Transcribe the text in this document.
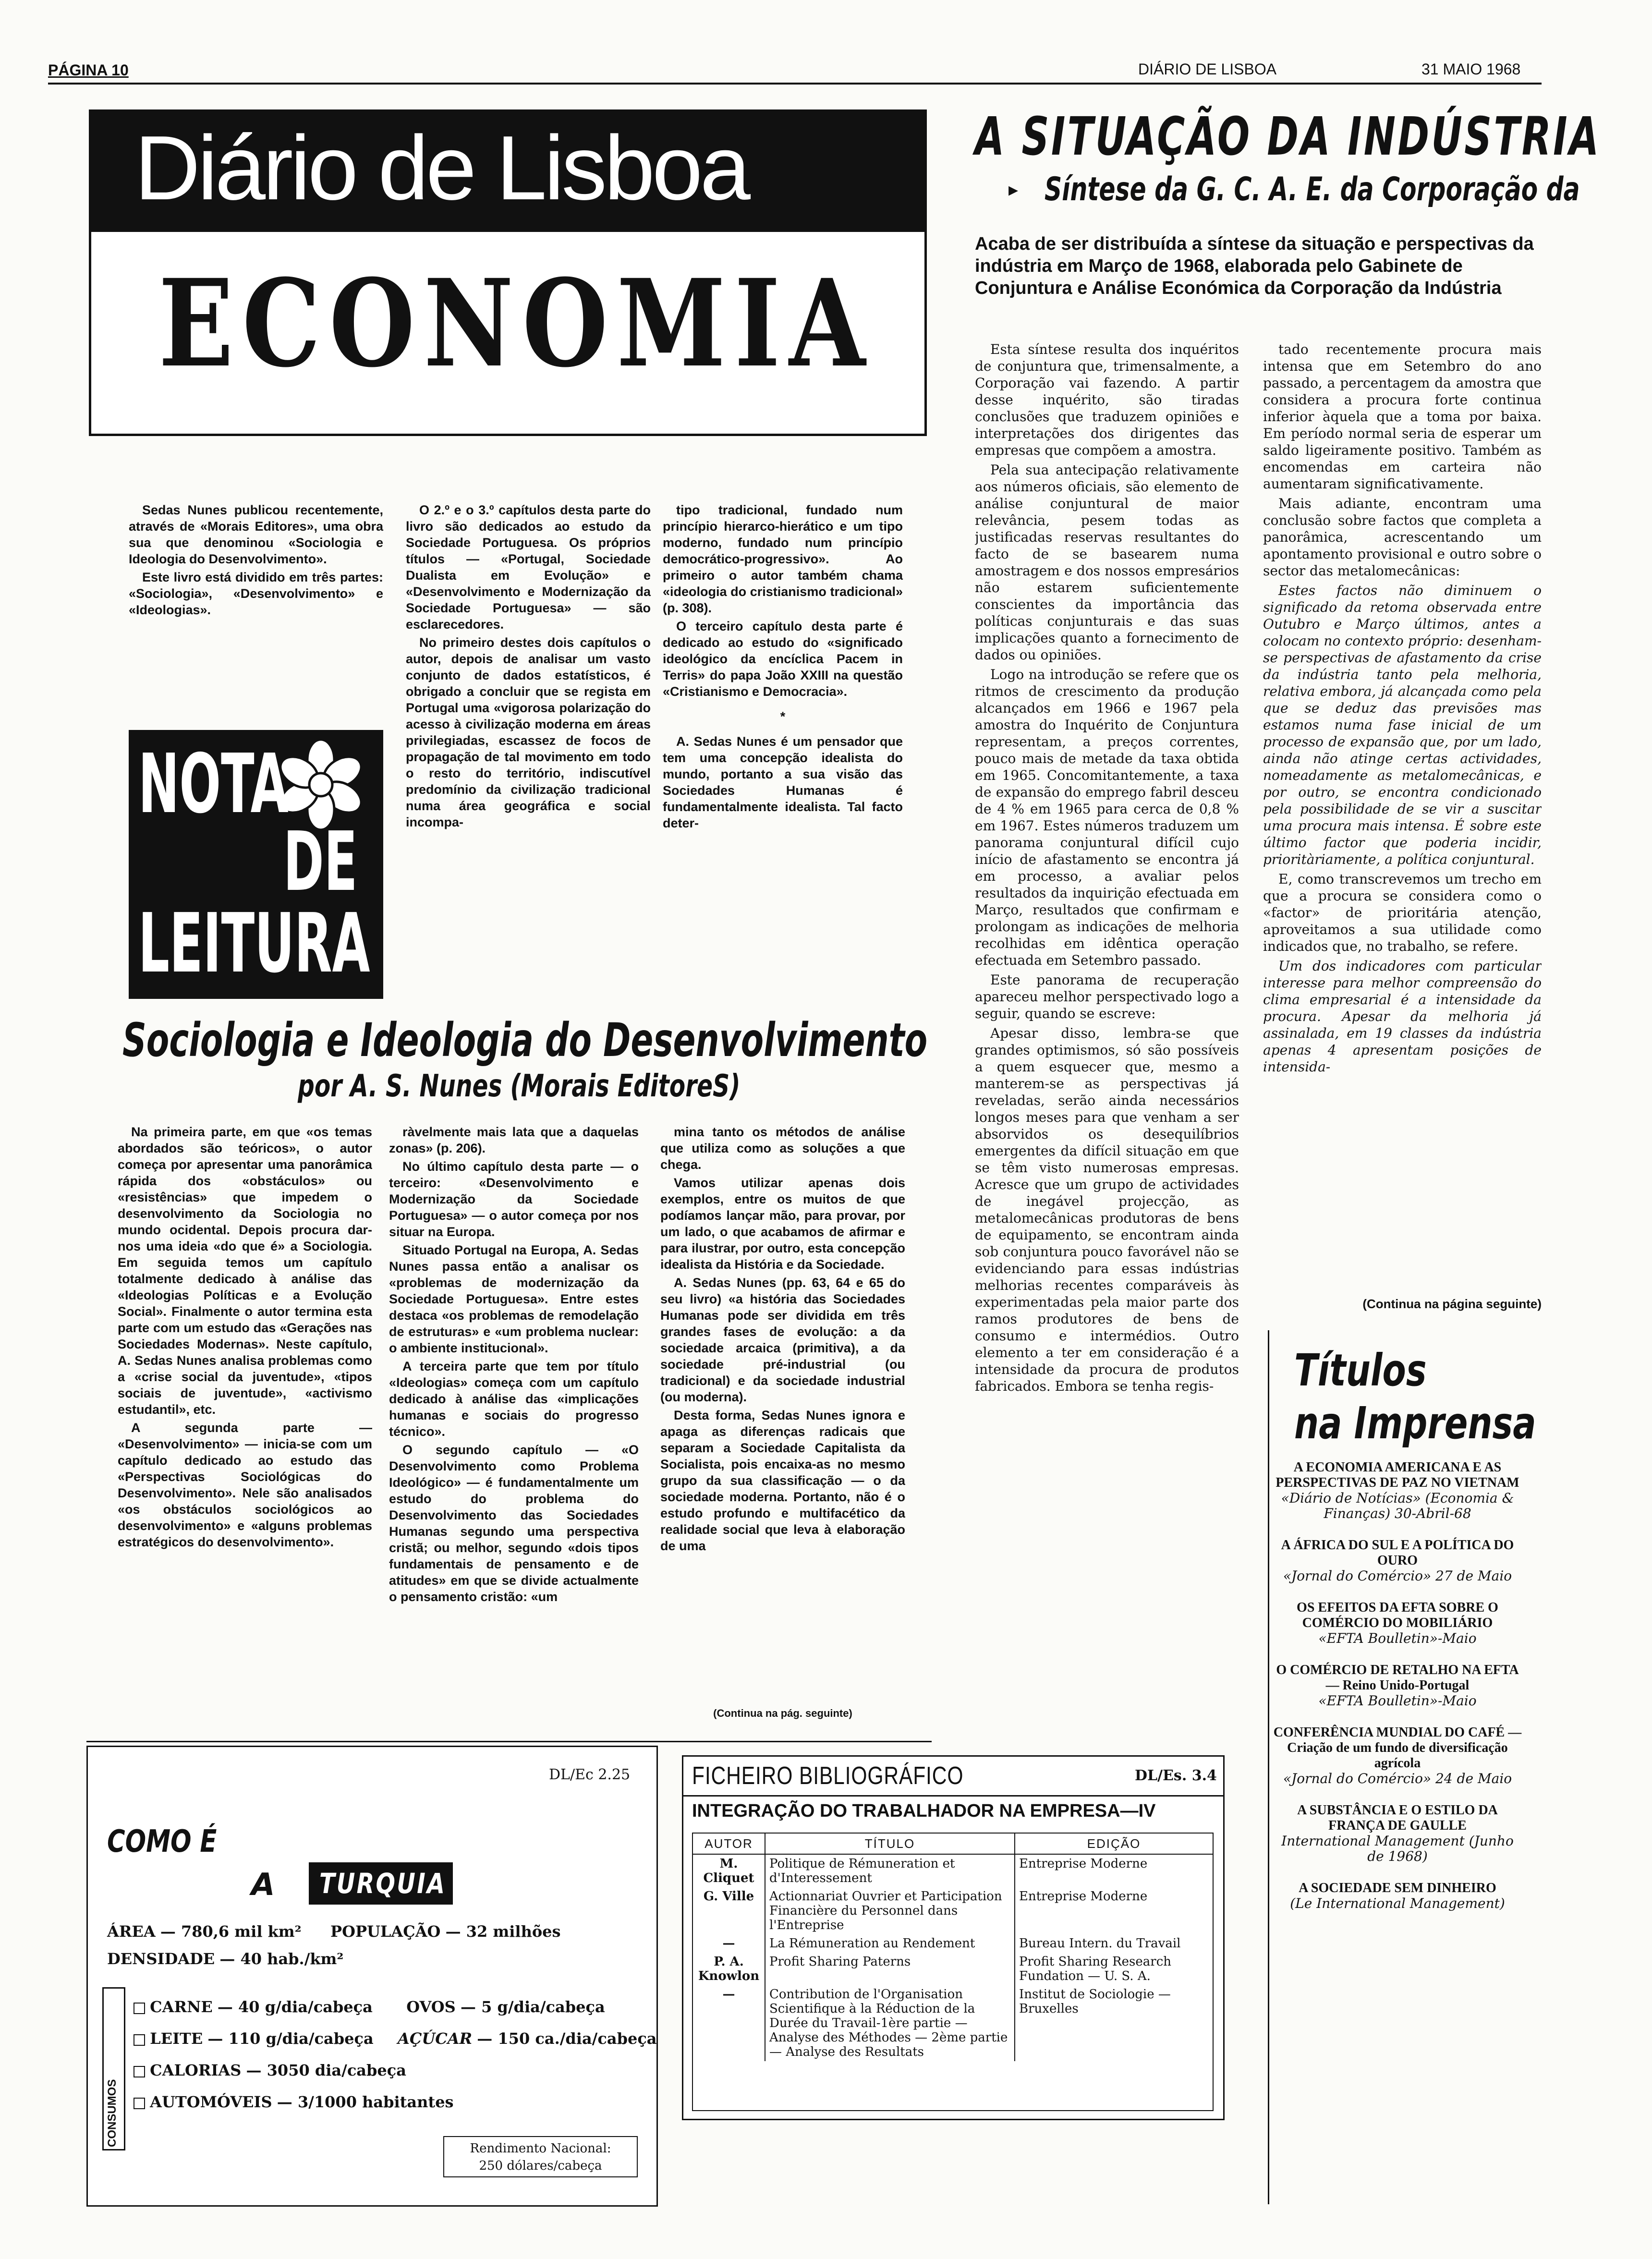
PÁGINA 10	DIÁRIO DE LISBOA	31 MAIO 1968
Diário de Lisboa
ECONOMIA
A SITUAÇÃO DA INDÚSTRIA
▸ Síntese da G. C. A. E. da Corporação da
Acaba de ser distribuída a síntese da situação e perspectivas da indústria em Março de 1968, elaborada pelo Gabinete de Conjuntura e Análise Económica da Corporação da Indústria

Esta síntese resulta dos inquéritos de conjuntura que, trimensalmente, a Corporação vai fazendo. A partir desse inquérito, são tiradas conclusões que traduzem opiniões e interpretações dos dirigentes das empresas que compõem a amostra.

Pela sua antecipação relativamente aos números oficiais, são elemento de análise conjuntural de maior relevância, pesem todas as justificadas reservas resultantes do facto de se basearem numa amostragem e dos nossos empresários não estarem suficientemente conscientes da importância das políticas conjunturais e das suas implicações quanto a fornecimento de dados ou opiniões.

Logo na introdução se refere que os ritmos de crescimento da produção alcançados em 1966 e 1967 pela amostra do Inquérito de Conjuntura representam, a preços correntes, pouco mais de metade da taxa obtida em 1965. Concomitantemente, a taxa de expansão do emprego fabril desceu de 4 % em 1965 para cerca de 0,8 % em 1967. Estes números traduzem um panorama conjuntural difícil cujo início de afastamento se encontra já em processo, a avaliar pelos resultados da inquirição efectuada em Março, resultados que confirmam e prolongam as indicações de melhoria recolhidas em idêntica operação efectuada em Setembro passado.

Este panorama de recuperação apareceu melhor perspectivado logo a seguir, quando se escreve:

Apesar disso, lembra-se que grandes optimismos, só são possíveis a quem esquecer que, mesmo a manterem-se as perspectivas já reveladas, serão ainda necessários longos meses para que venham a ser absorvidos os desequilíbrios emergentes da difícil situação em que se têm visto numerosas empresas. Acresce que um grupo de actividades de inegável projecção, as metalomecânicas produtoras de bens de equipamento, se encontram ainda sob conjuntura pouco favorável não se evidenciando para essas indústrias melhorias recentes comparáveis às experimentadas pela maior parte dos ramos produtores de bens de consumo e intermédios. Outro elemento a ter em consideração é a intensidade da procura de produtos fabricados. Embora se tenha regis-

tado recentemente procura mais intensa que em Setembro do ano passado, a percentagem da amostra que considera a procura forte continua inferior àquela que a toma por baixa. Em período normal seria de esperar um saldo ligeiramente positivo. Também as encomendas em carteira não aumentaram significativamente.

Mais adiante, encontram uma conclusão sobre factos que completa a panorâmica, acrescentando um apontamento provisional e outro sobre o sector das metalomecânicas:

Estes factos não diminuem o significado da retoma observada entre Outubro e Março últimos, antes a colocam no contexto próprio: desenham-se perspectivas de afastamento da crise da indústria tanto pela melhoria, relativa embora, já alcançada como pela que se deduz das previsões mas estamos numa fase inicial de um processo de expansão que, por um lado, ainda não atinge certas actividades, nomeadamente as metalomecânicas, e por outro, se encontra condicionado pela possibilidade de se vir a suscitar uma procura mais intensa. É sobre este último factor que poderia incidir, prioritàriamente, a política conjuntural.

E, como transcrevemos um trecho em que a procura se considera como o «factor» de prioritária atenção, aproveitamos a sua utilidade como indicados que, no trabalho, se refere.

Um dos indicadores com particular interesse para melhor compreensão do clima empresarial é a intensidade da procura. Apesar da melhoria já assinalada, em 19 classes da indústria apenas 4 apresentam posições de intensida-

(Continua na página seguinte)
Títulos
na Imprensa
A ECONOMIA AMERICANA E AS PERSPECTIVAS DE PAZ NO VIETNAM
«Diário de Notícias» (Economia & Finanças) 30-Abril-68
A ÁFRICA DO SUL E A POLÍTICA DO OURO
«Jornal do Comércio» 27 de Maio
OS EFEITOS DA EFTA SOBRE O COMÉRCIO DO MOBILIÁRIO
«EFTA Boulletin»-Maio
O COMÉRCIO DE RETALHO NA EFTA — Reino Unido-Portugal
«EFTA Boulletin»-Maio
CONFERÊNCIA MUNDIAL DO CAFÉ — Criação de um fundo de diversificação agrícola
«Jornal do Comércio» 24 de Maio
A SUBSTÂNCIA E O ESTILO DA FRANÇA DE GAULLE
International Management (Junho de 1968)
A SOCIEDADE SEM DINHEIRO
(Le International Management)
NOTA
DE
LEITURA

Sedas Nunes publicou recentemente, através de «Morais Editores», uma obra sua que denominou «Sociologia e Ideologia do Desenvolvimento».

Este livro está dividido em três partes: «Sociologia», «Desenvolvimento» e «Ideologias».

O 2.º e o 3.º capítulos desta parte do livro são dedicados ao estudo da Sociedade Portuguesa. Os próprios títulos — «Portugal, Sociedade Dualista em Evolução» e «Desenvolvimento e Modernização da Sociedade Portuguesa» — são esclarecedores.

No primeiro destes dois capítulos o autor, depois de analisar um vasto conjunto de dados estatísticos, é obrigado a concluir que se regista em Portugal uma «vigorosa polarização do acesso à civilização moderna em áreas privilegiadas, escassez de focos de propagação de tal movimento em todo o resto do território, indiscutível predomínio da civilização tradicional numa área geográfica e social incompa-

tipo tradicional, fundado num princípio hierarco-hierático e um tipo moderno, fundado num princípio democrático-progressivo». Ao primeiro o autor também chama «ideologia do cristianismo tradicional» (p. 308).

O terceiro capítulo desta parte é dedicado ao estudo do «significado ideológico da encíclica Pacem in Terris» do papa João XXIII na questão «Cristianismo e Democracia».

*

A. Sedas Nunes é um pensador que tem uma concepção idealista do mundo, portanto a sua visão das Sociedades Humanas é fundamentalmente idealista. Tal facto deter-

Sociologia e Ideologia do Desenvolvimento
por A. S. Nunes (Morais EditoreS)

Na primeira parte, em que «os temas abordados são teóricos», o autor começa por apresentar uma panorâmica rápida dos «obstáculos» ou «resistências» que impedem o desenvolvimento da Sociologia no mundo ocidental. Depois procura dar-nos uma ideia «do que é» a Sociologia. Em seguida temos um capítulo totalmente dedicado à análise das «Ideologias Políticas e a Evolução Social». Finalmente o autor termina esta parte com um estudo das «Gerações nas Sociedades Modernas». Neste capítulo, A. Sedas Nunes analisa problemas como a «crise social da juventude», «tipos sociais de juventude», «activismo estudantil», etc.

A segunda parte — «Desenvolvimento» — inicia-se com um capítulo dedicado ao estudo das «Perspectivas Sociológicas do Desenvolvimento». Nele são analisados «os obstáculos sociológicos ao desenvolvimento» e «alguns problemas estratégicos do desenvolvimento».

ràvelmente mais lata que a daquelas zonas» (p. 206).

No último capítulo desta parte — o terceiro: «Desenvolvimento e Modernização da Sociedade Portuguesa» — o autor começa por nos situar na Europa.

Situado Portugal na Europa, A. Sedas Nunes passa então a analisar os «problemas de modernização da Sociedade Portuguesa». Entre estes destaca «os problemas de remodelação de estruturas» e «um problema nuclear: o ambiente institucional».

A terceira parte que tem por título «Ideologias» começa com um capítulo dedicado à análise das «implicações humanas e sociais do progresso técnico».

O segundo capítulo — «O Desenvolvimento como Problema Ideológico» — é fundamentalmente um estudo do problema do Desenvolvimento das Sociedades Humanas segundo uma perspectiva cristã; ou melhor, segundo «dois tipos fundamentais de pensamento e de atitudes» em que se divide actualmente o pensamento cristão: «um

mina tanto os métodos de análise que utiliza como as soluções a que chega.

Vamos utilizar apenas dois exemplos, entre os muitos de que podíamos lançar mão, para provar, por um lado, o que acabamos de afirmar e para ilustrar, por outro, esta concepção idealista da História e da Sociedade.

A. Sedas Nunes (pp. 63, 64 e 65 do seu livro) «a história das Sociedades Humanas pode ser dividida em três grandes fases de evolução: a da sociedade arcaica (primitiva), a da sociedade pré-industrial (ou tradicional) e da sociedade industrial (ou moderna).

Desta forma, Sedas Nunes ignora e apaga as diferenças radicais que separam a Sociedade Capitalista da Socialista, pois encaixa-as no mesmo grupo da sua classificação — o da sociedade moderna. Portanto, não é o estudo profundo e multifacético da realidade social que leva à elaboração de uma

(Continua na pág. seguinte)
DL/Ec 2.25
COMO É
A TURQUIA
ÁREA — 780,6 mil km² POPULAÇÃO — 32 milhões
DENSIDADE — 40 hab./km²
CONSUMOS
CARNE — 40 g/dia/cabeça OVOS — 5 g/dia/cabeça
LEITE — 110 g/dia/cabeça AÇÚCAR — 150 ca./dia/cabeça
CALORIAS — 3050 dia/cabeça
AUTOMÓVEIS — 3/1000 habitantes
Rendimento Nacional:
250 dólares/cabeça
FICHEIRO BIBLIOGRÁFICO	DL/Es. 3.4
INTEGRAÇÃO DO TRABALHADOR NA EMPRESA—IV
AUTOR	TÍTULO	EDIÇÃO
M. Cliquet	Politique de Rémuneration et d'Interessement	Entreprise Moderne
G. Ville	Actionnariat Ouvrier et Participation Financière du Personnel dans l'Entreprise	Entreprise Moderne
—	La Rémuneration au Rendement	Bureau Intern. du Travail
P. A. Knowlon	Profit Sharing Paterns	Profit Sharing Research Fundation — U. S. A.
—	Contribution de l'Organisation Scientifique à la Réduction de la Durée du Travail-1ère partie — Analyse des Méthodes — 2ème partie — Analyse des Resultats	Institut de Sociologie — Bruxelles
